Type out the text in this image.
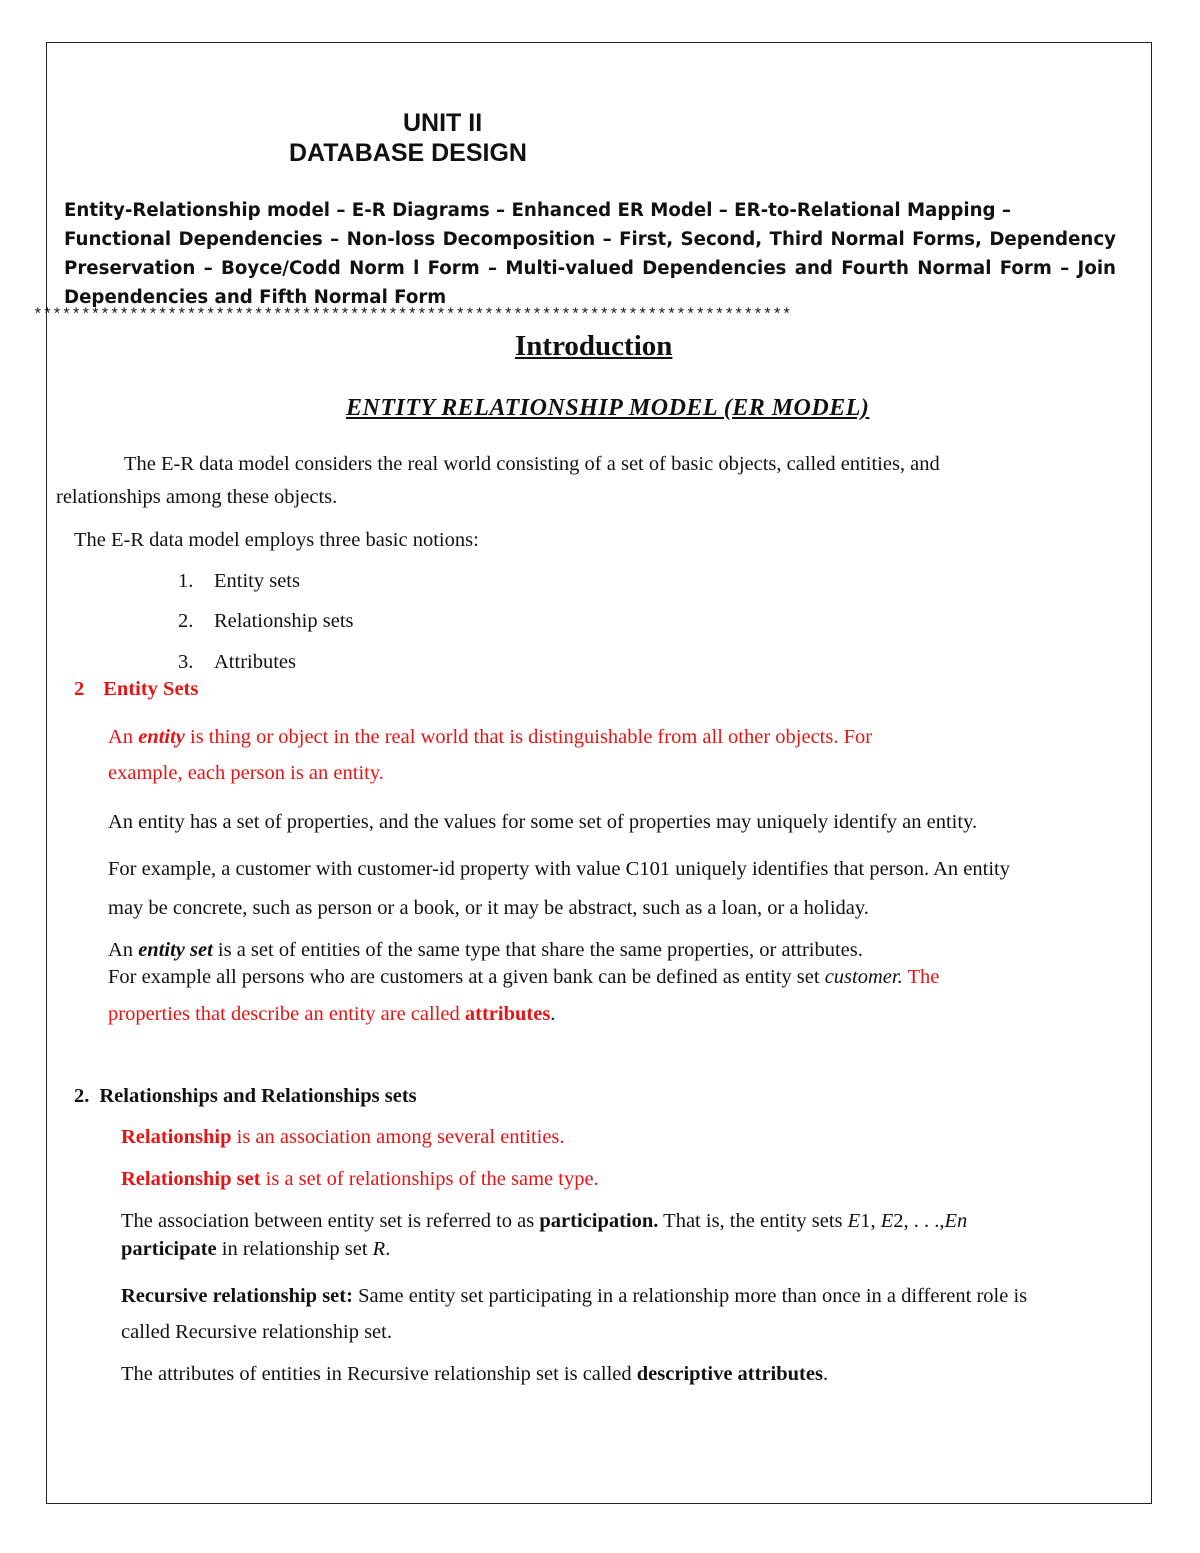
UNIT II
DATABASE DESIGN
Entity-Relationship model – E-R Diagrams – Enhanced ER Model – ER-to-Relational Mapping –
Functional Dependencies – Non-loss Decomposition – First, Second, Third Normal Forms, Dependency
Preservation – Boyce/Codd Norm l Form – Multi-valued Dependencies and Fourth Normal Form – Join
Dependencies and Fifth Normal Form
*******************************************************************************
Introduction
ENTITY RELATIONSHIP MODEL (ER MODEL)
The E-R data model considers the real world consisting of a set of basic objects, called entities, and
relationships among these objects.
The E-R data model employs three basic notions:
1. Entity sets
2. Relationship sets
3. Attributes
2 Entity Sets
An entity is thing or object in the real world that is distinguishable from all other objects. For
example, each person is an entity.
An entity has a set of properties, and the values for some set of properties may uniquely identify an entity.
For example, a customer with customer-id property with value C101 uniquely identifies that person. An entity
may be concrete, such as person or a book, or it may be abstract, such as a loan, or a holiday.
An entity set is a set of entities of the same type that share the same properties, or attributes.
For example all persons who are customers at a given bank can be defined as entity set customer. The
properties that describe an entity are called attributes.
2. Relationships and Relationships sets
Relationship is an association among several entities.
Relationship set is a set of relationships of the same type.
The association between entity set is referred to as participation. That is, the entity sets E1, E2, . . .,En
participate in relationship set R.
Recursive relationship set: Same entity set participating in a relationship more than once in a different role is
called Recursive relationship set.
The attributes of entities in Recursive relationship set is called descriptive attributes.
